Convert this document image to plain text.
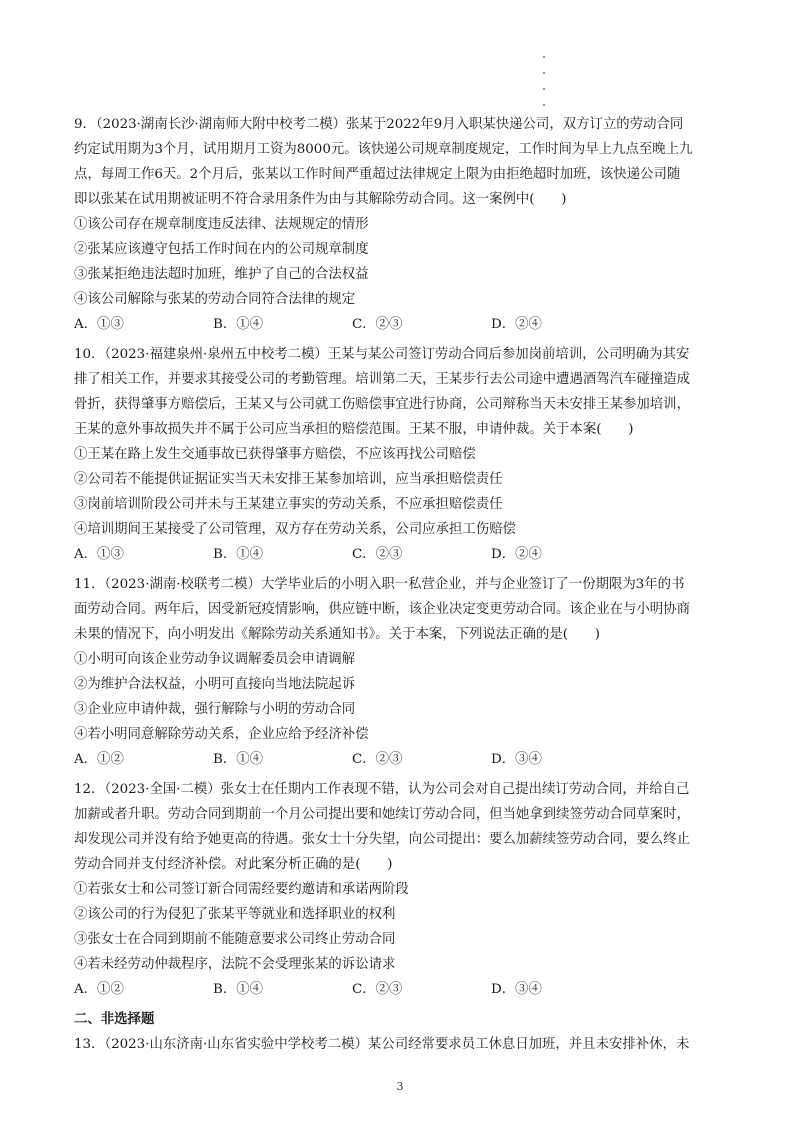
9．（2023·湖南长沙·湖南师大附中校考二模）张某于2022年9月入职某快递公司，双方订立的劳动合同
约定试用期为3个月，试用期月工资为8000元。该快递公司规章制度规定，工作时间为早上九点至晚上九
点，每周工作6天。2个月后，张某以工作时间严重超过法律规定上限为由拒绝超时加班，该快递公司随
即以张某在试用期被证明不符合录用条件为由与其解除劳动合同。这一案例中(　　)
①该公司存在规章制度违反法律、法规规定的情形
②张某应该遵守包括工作时间在内的公司规章制度
③张某拒绝违法超时加班，维护了自己的合法权益
④该公司解除与张某的劳动合同符合法律的规定
A．①③	B．①④	C．②③	D．②④
10．（2023·福建泉州·泉州五中校考二模）王某与某公司签订劳动合同后参加岗前培训，公司明确为其安
排了相关工作，并要求其接受公司的考勤管理。培训第二天，王某步行去公司途中遭遇酒驾汽车碰撞造成
骨折，获得肇事方赔偿后，王某又与公司就工伤赔偿事宜进行协商，公司辩称当天未安排王某参加培训，
王某的意外事故损失并不属于公司应当承担的赔偿范围。王某不服，申请仲裁。关于本案(　　)
①王某在路上发生交通事故已获得肇事方赔偿，不应该再找公司赔偿
②公司若不能提供证据证实当天未安排王某参加培训，应当承担赔偿责任
③岗前培训阶段公司并未与王某建立事实的劳动关系，不应承担赔偿责任
④培训期间王某接受了公司管理，双方存在劳动关系，公司应承担工伤赔偿
A．①③	B．①④	C．②③	D．②④
11．（2023·湖南·校联考二模）大学毕业后的小明入职一私营企业，并与企业签订了一份期限为3年的书
面劳动合同。两年后，因受新冠疫情影响，供应链中断，该企业决定变更劳动合同。该企业在与小明协商
未果的情况下，向小明发出《解除劳动关系通知书》。关于本案，下列说法正确的是(　　)
①小明可向该企业劳动争议调解委员会申请调解
②为维护合法权益，小明可直接向当地法院起诉
③企业应申请仲裁，强行解除与小明的劳动合同
④若小明同意解除劳动关系，企业应给予经济补偿
A．①②	B．①④	C．②③	D．③④
12．（2023·全国·二模）张女士在任期内工作表现不错，认为公司会对自己提出续订劳动合同，并给自己
加薪或者升职。劳动合同到期前一个月公司提出要和她续订劳动合同，但当她拿到续签劳动合同草案时，
却发现公司并没有给予她更高的待遇。张女士十分失望，向公司提出：要么加薪续签劳动合同，要么终止
劳动合同并支付经济补偿。对此案分析正确的是(　　)
①若张女士和公司签订新合同需经要约邀请和承诺两阶段
②该公司的行为侵犯了张某平等就业和选择职业的权利
③张女士在合同到期前不能随意要求公司终止劳动合同
④若未经劳动仲裁程序，法院不会受理张某的诉讼请求
A．①②	B．①④	C．②③	D．③④
二、非选择题
13．（2023·山东济南·山东省实验中学校考二模）某公司经常要求员工休息日加班，并且未安排补休，未
3
